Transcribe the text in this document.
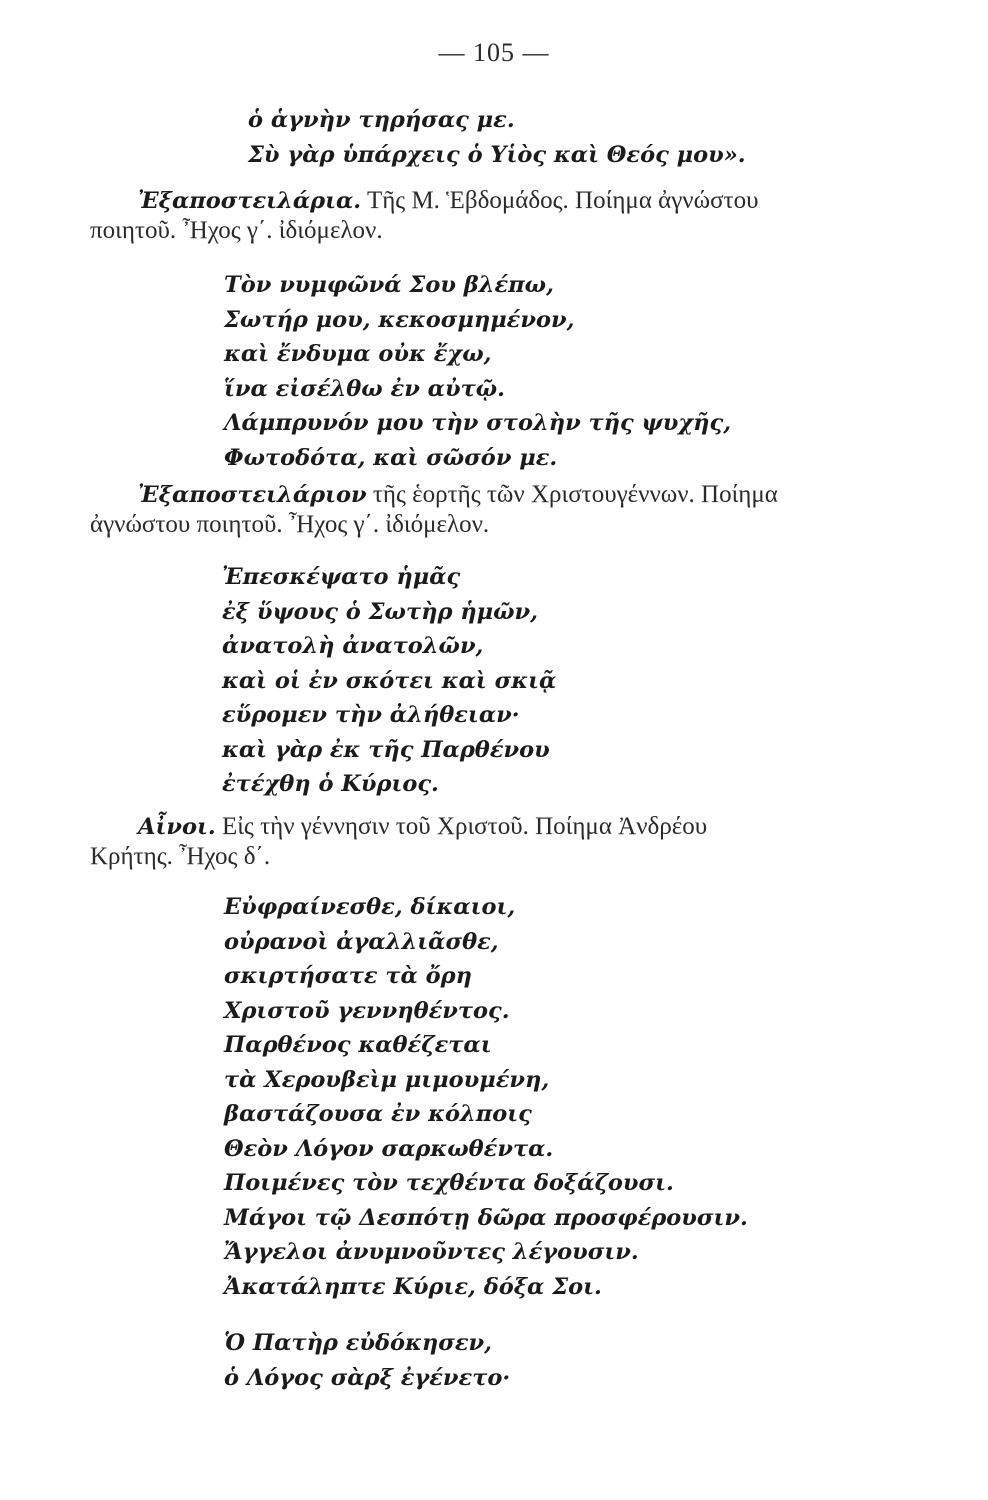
— 105 —
ὁ ἁγνὴν τηρήσας με.
Σὺ γὰρ ὑπάρχεις ὁ Υἱὸς καὶ Θεός μου».
Ἐξαποστειλάρια. Τῆς Μ. Ἑβδομάδος. Ποίημα ἀγνώστου
ποιητοῦ. Ἦχος γ΄. ἰδιόμελον.
Τὸν νυμφῶνά Σου βλέπω,
Σωτήρ μου, κεκοσμημένον,
καὶ ἔνδυμα οὐκ ἔχω,
ἵνα εἰσέλθω ἐν αὐτῷ.
Λάμπρυνόν μου τὴν στολὴν τῆς ψυχῆς,
Φωτοδότα, καὶ σῶσόν με.
Ἐξαποστειλάριον τῆς ἑορτῆς τῶν Χριστουγέννων. Ποίημα
ἀγνώστου ποιητοῦ. Ἦχος γ΄. ἰδιόμελον.
Ἐπεσκέψατο ἡμᾶς
ἐξ ὕψους ὁ Σωτὴρ ἡμῶν,
ἀνατολὴ ἀνατολῶν,
καὶ οἱ ἐν σκότει καὶ σκιᾷ
εὕρομεν τὴν ἀλήθειαν·
καὶ γὰρ ἐκ τῆς Παρθένου
ἐτέχθη ὁ Κύριος.
Αἶνοι. Εἰς τὴν γέννησιν τοῦ Χριστοῦ. Ποίημα Ἀνδρέου
Κρήτης. Ἦχος δ΄.
Εὐφραίνεσθε, δίκαιοι,
οὐρανοὶ ἀγαλλιᾶσθε,
σκιρτήσατε τὰ ὄρη
Χριστοῦ γεννηθέντος.
Παρθένος καθέζεται
τὰ Χερουβεὶμ μιμουμένη,
βαστάζουσα ἐν κόλποις
Θεὸν Λόγον σαρκωθέντα.
Ποιμένες τὸν τεχθέντα δοξάζουσι.
Μάγοι τῷ Δεσπότῃ δῶρα προσφέρουσιν.
Ἄγγελοι ἀνυμνοῦντες λέγουσιν.
Ἀκατάληπτε Κύριε, δόξα Σοι.
Ὁ Πατὴρ εὐδόκησεν,
ὁ Λόγος σὰρξ ἐγένετο·
